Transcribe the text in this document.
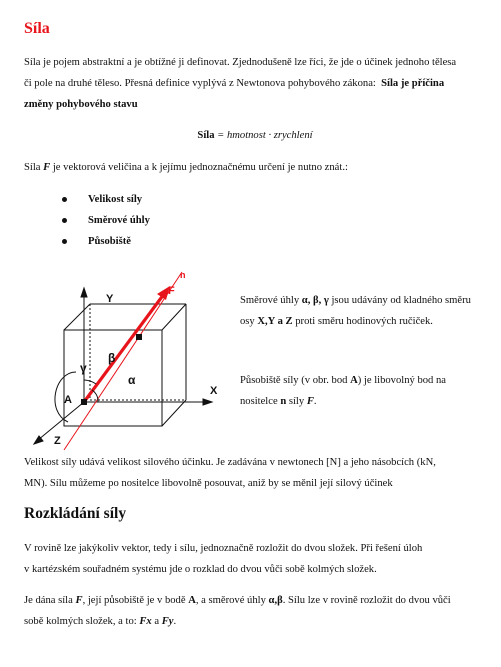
Síla
Síla je pojem abstraktní a je obtížné ji definovat. Zjednodušeně lze říci, že jde o účinek jednoho tělesa
či pole na druhé těleso. Přesná definice vyplývá z Newtonova pohybového zákona: Síla je příčina
změny pohybového stavu
Síla = hmotnost · zrychlení
Síla F je vektorová veličina a k jejímu jednoznačnému určení je nutno znát.:
Velikost síly
Směrové úhly
Působiště
Y
X
Z
A
F
n
β
α
γ
Směrové úhly α, β, γ jsou udávány od kladného směru
osy X,Y a Z proti směru hodinových ručiček.
Působiště síly (v obr. bod A) je libovolný bod na
nositelce n síly F.
Velikost síly udává velikost silového účinku. Je zadávána v newtonech [N] a jeho násobcích (kN,
MN). Sílu můžeme po nositelce libovolně posouvat, aniž by se měnil její silový účinek
Rozkládání síly
V rovině lze jakýkoliv vektor, tedy i sílu, jednoznačně rozložit do dvou složek. Při řešení úloh
v kartézském souřadném systému jde o rozklad do dvou vůči sobě kolmých složek.
Je dána síla F, její působiště je v bodě A, a směrové úhly α,β. Sílu lze v rovině rozložit do dvou vůči
sobě kolmých složek, a to: Fx a Fy.
